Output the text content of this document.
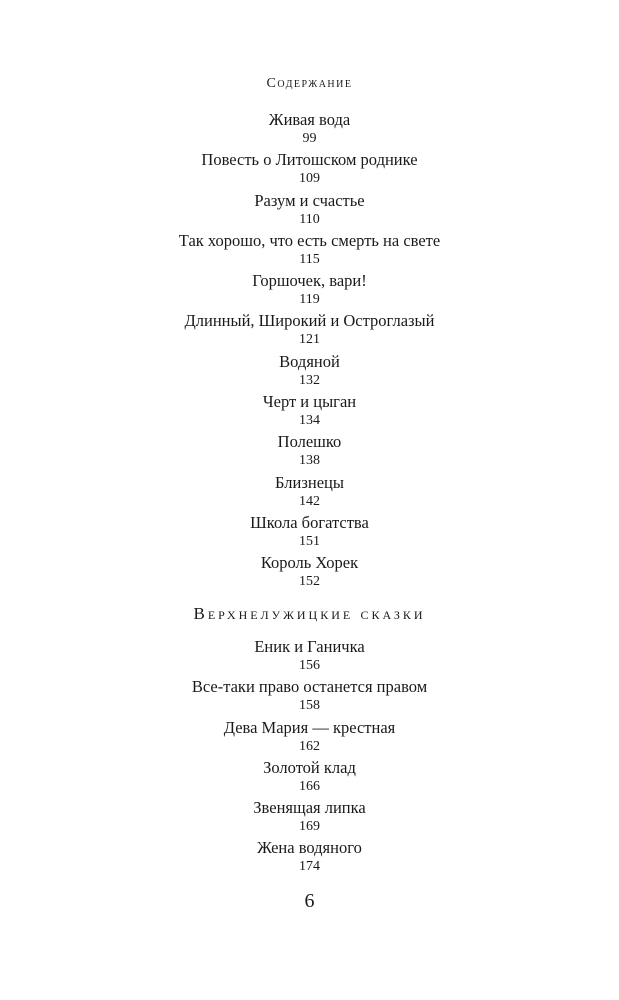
Содержание
Живая вода
99
Повесть о Литошском роднике
109
Разум и счастье
110
Так хорошо, что есть смерть на свете
115
Горшочек, вари!
119
Длинный, Широкий и Остроглазый
121
Водяной
132
Черт и цыган
134
Полешко
138
Близнецы
142
Школа богатства
151
Король Хорек
152
Верхнелужицкие сказки
Еник и Ганичка
156
Все-таки право останется правом
158
Дева Мария — крестная
162
Золотой клад
166
Звенящая липка
169
Жена водяного
174
6
